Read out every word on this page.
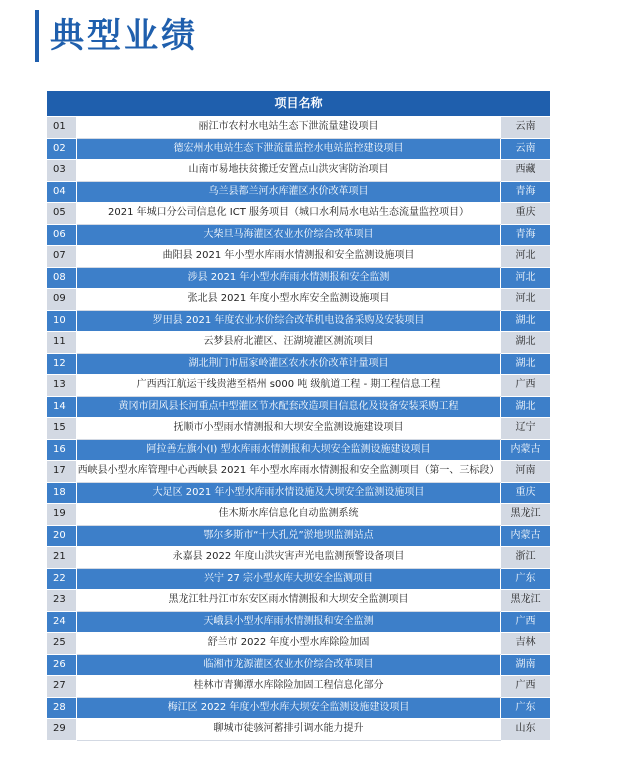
典型业绩
项目名称		
01	丽江市农村水电站生态下泄流量建设项目	云南
02	德宏州水电站生态下泄流量监控水电站监控建设项目	云南
03	山南市易地扶贫搬迁安置点山洪灾害防治项目	西藏
04	乌兰县都兰河水库灌区水价改革项目	青海
05	2021 年城口分公司信息化 ICT 服务项目（城口水利局水电站生态流量监控项目）	重庆
06	大柴旦马海灌区农业水价综合改革项目	青海
07	曲阳县 2021 年小型水库雨水情测报和安全监测设施项目	河北
08	涉县 2021 年小型水库雨水情测报和安全监测	河北
09	张北县 2021 年度小型水库安全监测设施项目	河北
10	罗田县 2021 年度农业水价综合改革机电设备采购及安装项目	湖北
11	云梦县府北灌区、汪湖境灌区测流项目	湖北
12	湖北荆门市屈家岭灌区农水水价改革计量项目	湖北
13	广西西江航运干线贵港至梧州 s000 吨 级航道工程 - 期工程信息工程	广西
14	黄冈市团风县长河重点中型灌区节水配套改造项目信息化及设备安装采购工程	湖北
15	抚顺市小型雨水情测报和大坝安全监测设施建设项目	辽宁
16	阿拉善左旗小(I) 型水库雨水情测报和大坝安全监测设施建设项目	内蒙古
17	西峡县小型水库管理中心西峡县 2021 年小型水库雨水情测报和安全监测项目（第一、三标段）	河南
18	大足区 2021 年小型水库雨水情设施及大坝安全监测设施项目	重庆
19	佳木斯水库信息化自动监测系统	黑龙江
20	鄂尔多斯市“十大孔兑”淤地坝监测站点	内蒙古
21	永嘉县 2022 年度山洪灾害声光电监测预警设备项目	浙江
22	兴宁 27 宗小型水库大坝安全监测项目	广东
23	黑龙江牡丹江市东安区雨水情测报和大坝安全监测项目	黑龙江
24	天峨县小型水库雨水情测报和安全监测	广西
25	舒兰市 2022 年度小型水库除险加固	吉林
26	临湘市龙源灌区农业水价综合改革项目	湖南
27	桂林市青狮潭水库除险加固工程信息化部分	广西
28	梅江区 2022 年度小型水库大坝安全监测设施建设项目	广东
29	聊城市徒骇河蓄排引调水能力提升	山东
